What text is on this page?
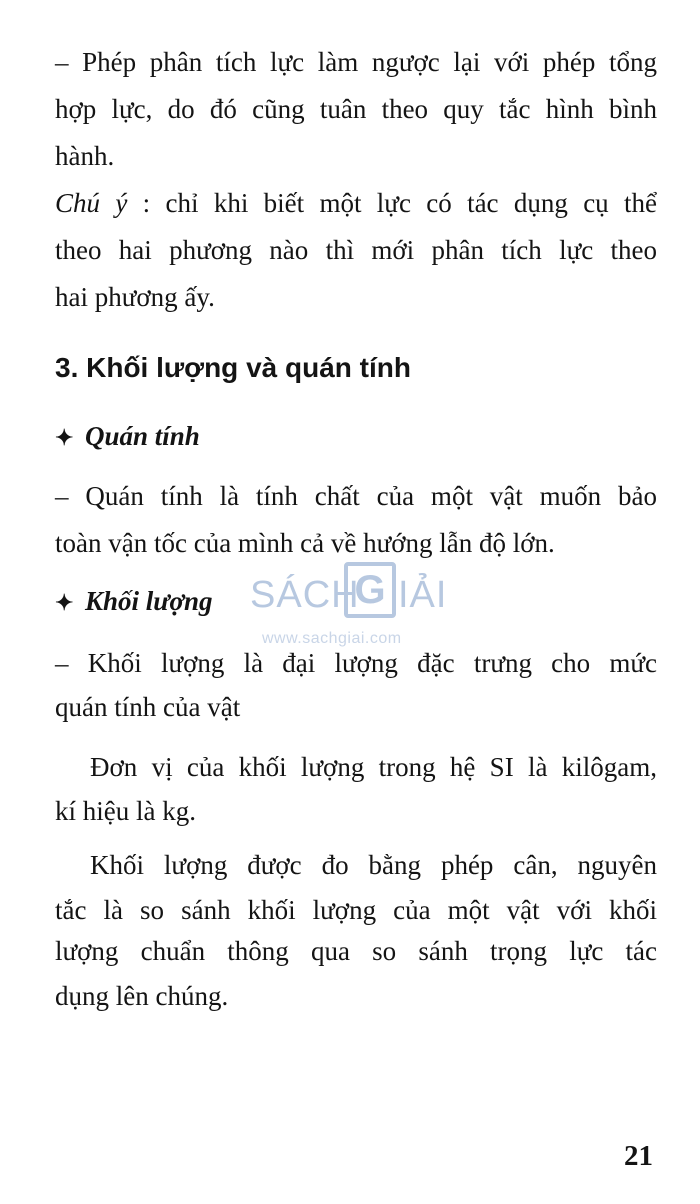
– Phép phân tích lực làm ngược lại với phép tổng
hợp lực, do đó cũng tuân theo quy tắc hình bình
hành.
Chú ý : chỉ khi biết một lực có tác dụng cụ thể
theo hai phương nào thì mới phân tích lực theo
hai phương ấy.
3. Khối lượng và quán tính
✦ Quán tính
– Quán tính là tính chất của một vật muốn bảo
toàn vận tốc của mình cả về hướng lẫn độ lớn.
✦ Khối lượng SÁCH
G IẢI
www.sachgiai.com
– Khối lượng là đại lượng đặc trưng cho mức
quán tính của vật
Đơn vị của khối lượng trong hệ SI là kilôgam,
kí hiệu là kg.
Khối lượng được đo bằng phép cân, nguyên
tắc là so sánh khối lượng của một vật với khối
lượng chuẩn thông qua so sánh trọng lực tác
dụng lên chúng.
21
